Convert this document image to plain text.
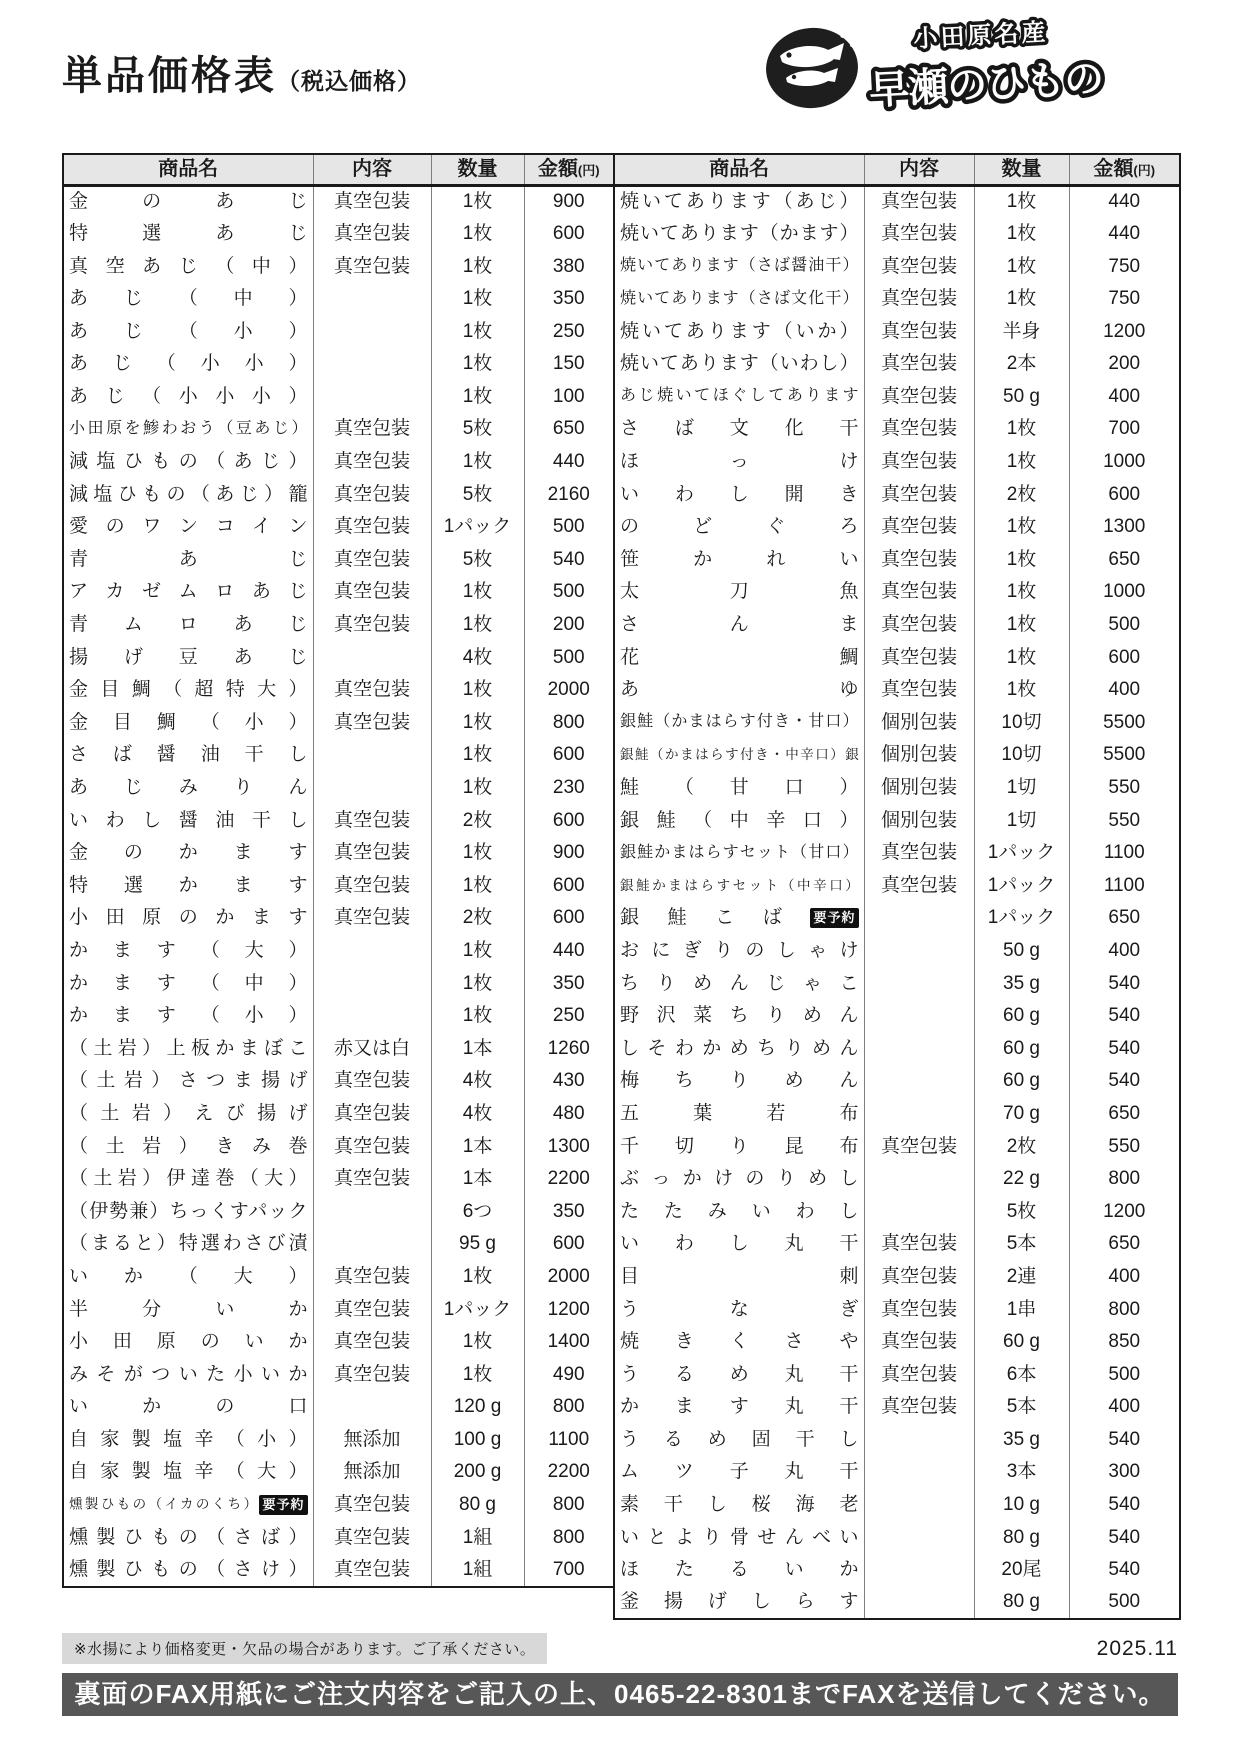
単品価格表（税込価格）
小田原名産
早瀬のひもの
商品名	内容	数量	金額(円)
金のあじ	真空包装	1枚	900
特選あじ	真空包装	1枚	600
真空あじ（中）	真空包装	1枚	380
あじ（中）		1枚	350
あじ（小）		1枚	250
あじ（小小）		1枚	150
あじ（小小小）		1枚	100
小田原を鯵わおう（豆あじ）	真空包装	5枚	650
減塩ひもの（あじ）	真空包装	1枚	440
減塩ひもの（あじ）籠	真空包装	5枚	2160
愛のワンコイン	真空包装	1パック	500
青あじ	真空包装	5枚	540
アカゼムロあじ	真空包装	1枚	500
青ムロあじ	真空包装	1枚	200
揚げ豆あじ		4枚	500
金目鯛（超特大）	真空包装	1枚	2000
金目鯛（小）	真空包装	1枚	800
さば醤油干し		1枚	600
あじみりん		1枚	230
いわし醤油干し	真空包装	2枚	600
金のかます	真空包装	1枚	900
特選かます	真空包装	1枚	600
小田原のかます	真空包装	2枚	600
かます（大）		1枚	440
かます（中）		1枚	350
かます（小）		1枚	250
（土岩）上板かまぼこ	赤又は白	1本	1260
（土岩）さつま揚げ	真空包装	4枚	430
（土岩）えび揚げ	真空包装	4枚	480
（土岩）きみ巻	真空包装	1本	1300
（土岩）伊達巻（大）	真空包装	1本	2200
（伊勢兼）ちっくすパック		6つ	350
（まると）特選わさび漬		95 g	600
いか（大）	真空包装	1枚	2000
半分いか	真空包装	1パック	1200
小田原のいか	真空包装	1枚	1400
みそがついた小いか	真空包装	1枚	490
いかの口		120 g	800
自家製塩辛（小）	無添加	100 g	1100
自家製塩辛（大）	無添加	200 g	2200
燻製ひもの（イカのくち） 要予約	真空包装	80 g	800
燻製ひもの（さば）	真空包装	1組	800
燻製ひもの（さけ）	真空包装	1組	700
商品名	内容	数量	金額(円)
焼いてあります（あじ）	真空包装	1枚	440
焼いてあります（かます）	真空包装	1枚	440
焼いてあります（さば醤油干）	真空包装	1枚	750
焼いてあります（さば文化干）	真空包装	1枚	750
焼いてあります（いか）	真空包装	半身	1200
焼いてあります（いわし）	真空包装	2本	200
あじ焼いてほぐしてあります	真空包装	50 g	400
さば文化干	真空包装	1枚	700
ほっけ	真空包装	1枚	1000
いわし開き	真空包装	2枚	600
のどぐろ	真空包装	1枚	1300
笹かれい	真空包装	1枚	650
太刀魚	真空包装	1枚	1000
さんま	真空包装	1枚	500
花鯛	真空包装	1枚	600
あゆ	真空包装	1枚	400
銀鮭（かまはらす付き・甘口）	個別包装	10切	5500
銀鮭（かまはらす付き・中辛口）銀	個別包装	10切	5500
鮭（甘口）	個別包装	1切	550
銀鮭（中辛口）	個別包装	1切	550
銀鮭かまはらすセット（甘口）	真空包装	1パック	1100
銀鮭かまはらすセット（中辛口）	真空包装	1パック	1100
銀鮭こば 要予約		1パック	650
おにぎりのしゃけ		50 g	400
ちりめんじゃこ		35 g	540
野沢菜ちりめん		60 g	540
しそわかめちりめん		60 g	540
梅ちりめん		60 g	540
五葉若布		70 g	650
千切り昆布	真空包装	2枚	550
ぶっかけのりめし		22 g	800
たたみいわし		5枚	1200
いわし丸干	真空包装	5本	650
目刺	真空包装	2連	400
うなぎ	真空包装	1串	800
焼きくさや	真空包装	60 g	850
うるめ丸干	真空包装	6本	500
かます丸干	真空包装	5本	400
うるめ固干し		35 g	540
ムツ子丸干		3本	300
素干し桜海老		10 g	540
いとより骨せんべい		80 g	540
ほたるいか		20尾	540
釜揚げしらす		80 g	500
※水揚により価格変更・欠品の場合があります。ご了承ください。	2025.11
裏面のFAX用紙にご注文内容をご記入の上、0465-22-8301までFAXを送信してください。
